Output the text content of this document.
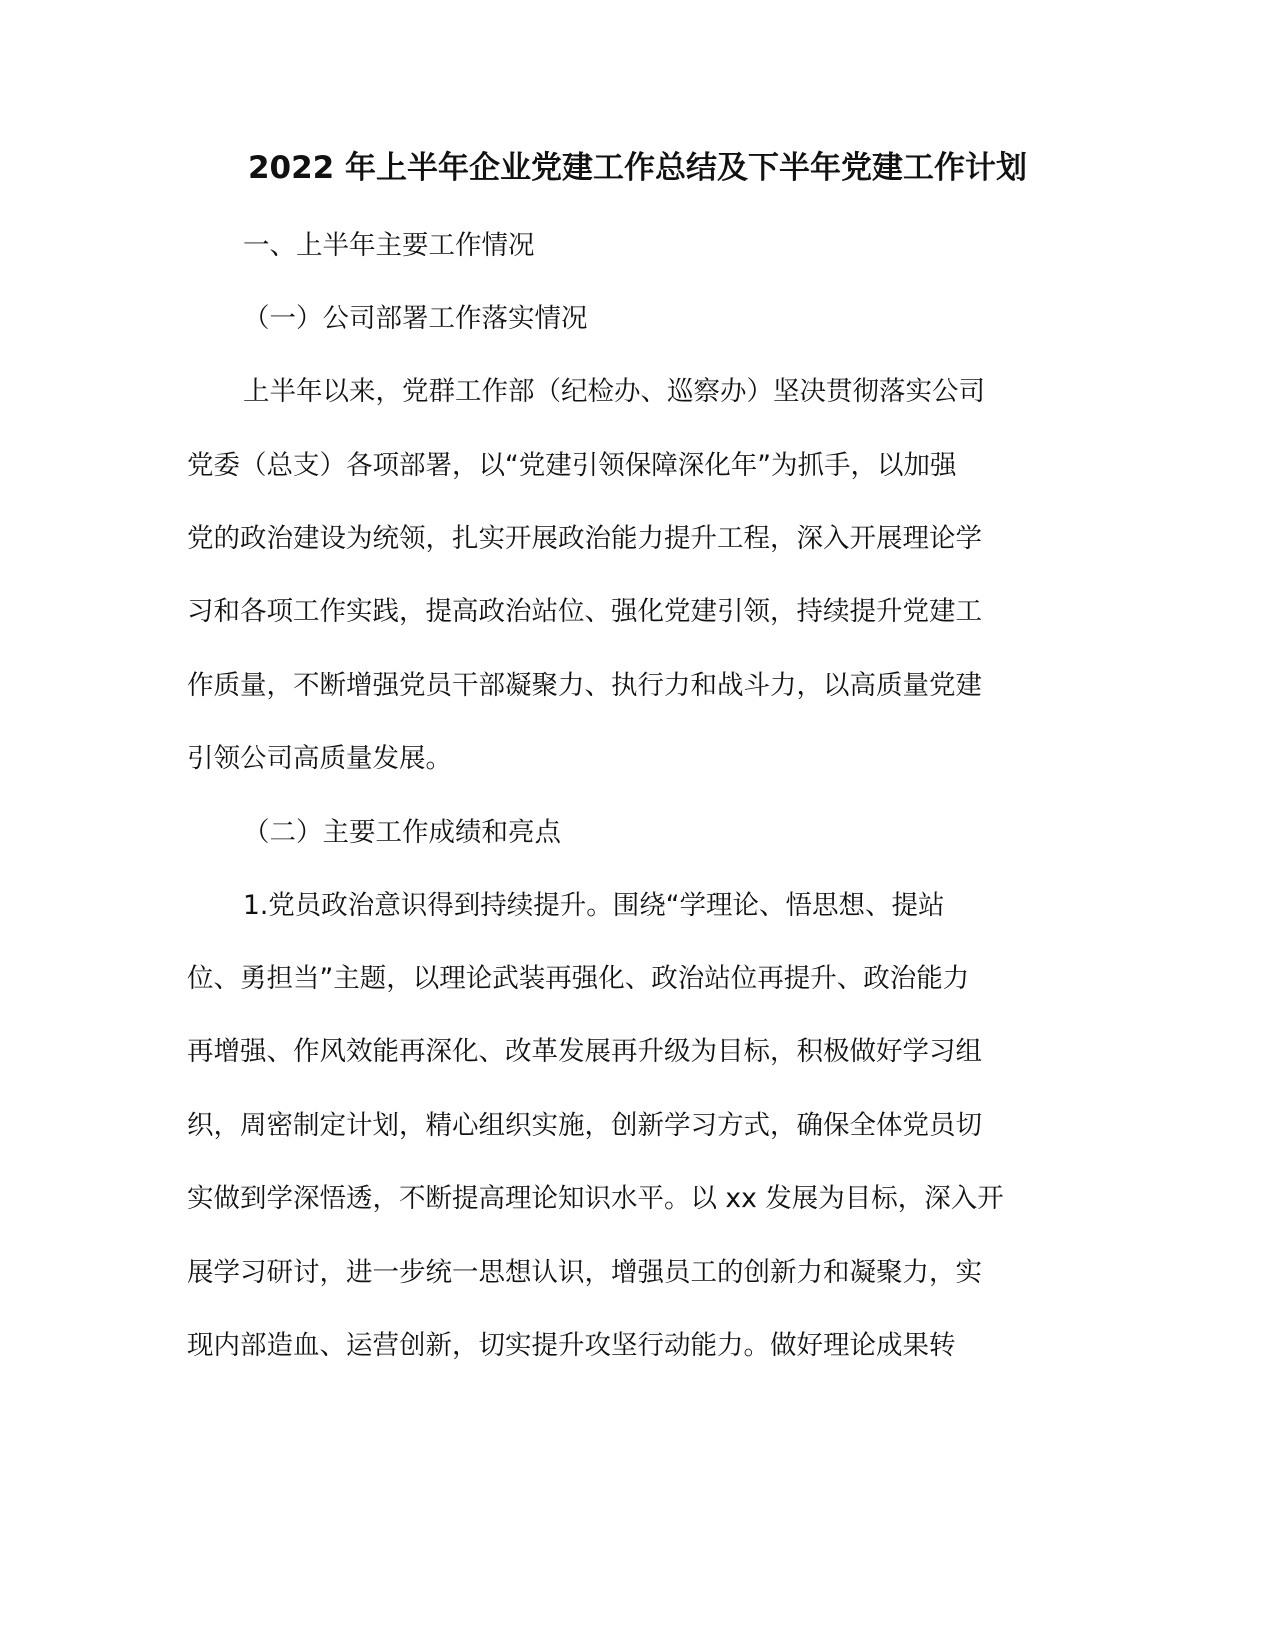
2022 年上半年企业党建工作总结及下半年党建工作计划
一、上半年主要工作情况
（一）公司部署工作落实情况
上半年以来，党群工作部（纪检办、巡察办）坚决贯彻落实公司
党委（总支）各项部署，以“党建引领保障深化年”为抓手，以加强
党的政治建设为统领，扎实开展政治能力提升工程，深入开展理论学
习和各项工作实践，提高政治站位、强化党建引领，持续提升党建工
作质量，不断增强党员干部凝聚力、执行力和战斗力，以高质量党建
引领公司高质量发展。
（二）主要工作成绩和亮点
1.党员政治意识得到持续提升。围绕“学理论、悟思想、提站
位、勇担当”主题，以理论武装再强化、政治站位再提升、政治能力
再增强、作风效能再深化、改革发展再升级为目标，积极做好学习组
织，周密制定计划，精心组织实施，创新学习方式，确保全体党员切
实做到学深悟透，不断提高理论知识水平。以 xx 发展为目标，深入开
展学习研讨，进一步统一思想认识，增强员工的创新力和凝聚力，实
现内部造血、运营创新，切实提升攻坚行动能力。做好理论成果转
